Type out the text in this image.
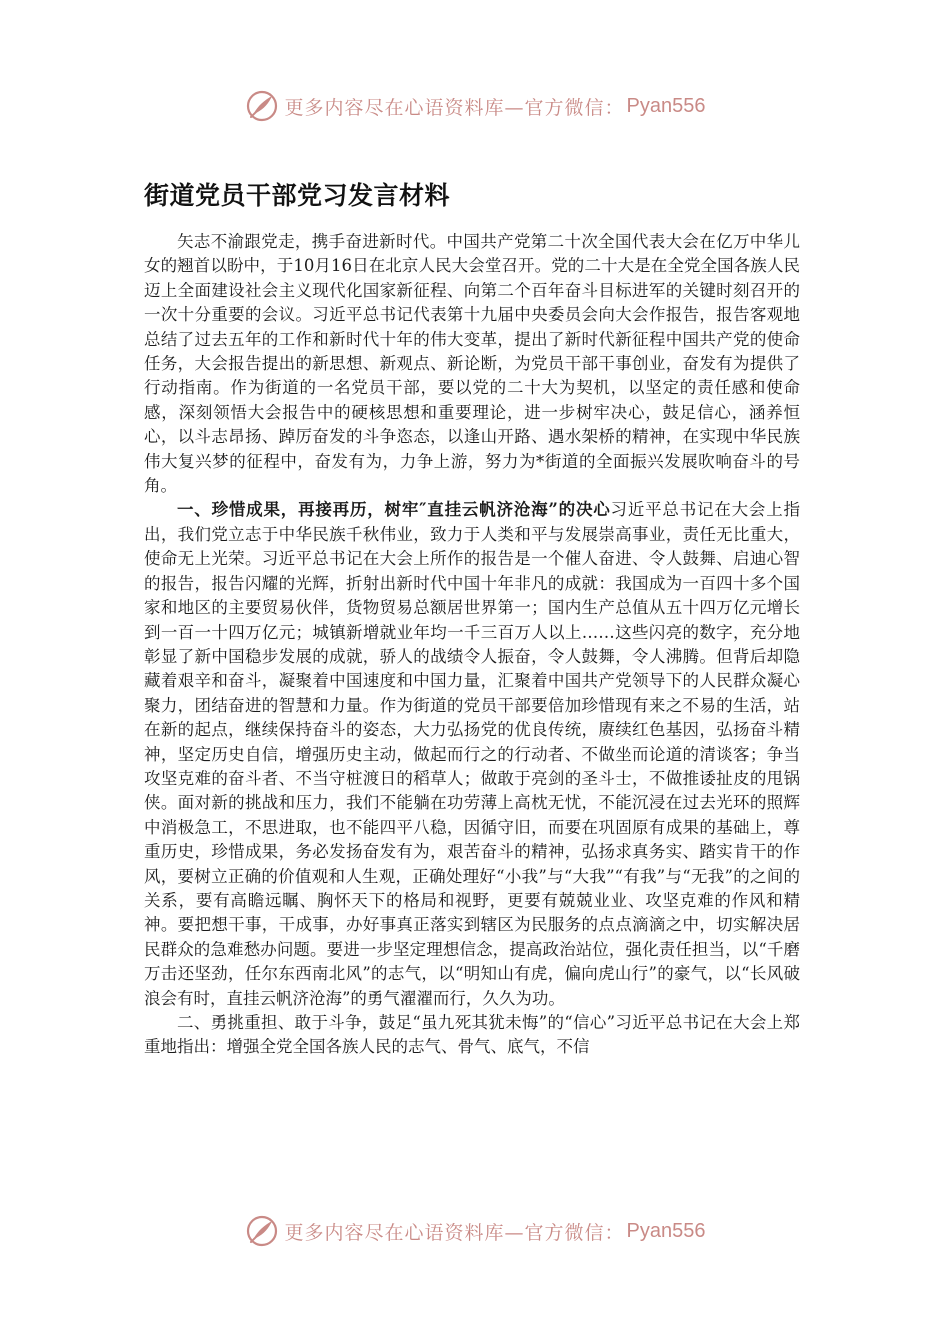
更多内容尽在心语资料库—官方微信： Pyan556
街道党员干部党习发言材料

矢志不渝跟党走，携手奋进新时代。中国共产党第二十次全国代表大会在亿万中华儿女的翘首以盼中，于10月16日在北京人民大会堂召开。党的二十大是在全党全国各族人民迈上全面建设社会主义现代化国家新征程、向第二个百年奋斗目标进军的关键时刻召开的一次十分重要的会议。习近平总书记代表第十九届中央委员会向大会作报告，报告客观地总结了过去五年的工作和新时代十年的伟大变革，提出了新时代新征程中国共产党的使命任务，大会报告提出的新思想、新观点、新论断，为党员干部干事创业，奋发有为提供了行动指南。作为街道的一名党员干部，要以党的二十大为契机，以坚定的责任感和使命感，深刻领悟大会报告中的硬核思想和重要理论，进一步树牢决心，鼓足信心，涵养恒心，以斗志昂扬、踔厉奋发的斗争恣态，以逢山开路、遇水架桥的精神，在实现中华民族伟大复兴梦的征程中，奋发有为，力争上游，努力为*街道的全面振兴发展吹响奋斗的号角。

一、珍惜成果，再接再历，树牢″直挂云帆济沧海”的决心习近平总书记在大会上指出，我们党立志于中华民族千秋伟业，致力于人类和平与发展崇高事业，责任无比重大，使命无上光荣。习近平总书记在大会上所作的报告是一个催人奋进、令人鼓舞、启迪心智的报告，报告闪耀的光辉，折射出新时代中国十年非凡的成就：我国成为一百四十多个国家和地区的主要贸易伙伴，货物贸易总额居世界第一；国内生产总值从五十四万亿元增长到一百一十四万亿元；城镇新增就业年均一千三百万人以上……这些闪亮的数字，充分地彰显了新中国稳步发展的成就，骄人的战绩令人振奋，令人鼓舞，令人沸腾。但背后却隐藏着艰辛和奋斗，凝聚着中国速度和中国力量，汇聚着中国共产党领导下的人民群众凝心聚力，团结奋进的智慧和力量。作为街道的党员干部要倍加珍惜现有来之不易的生活，站在新的起点，继续保持奋斗的姿态，大力弘扬党的优良传统，赓续红色基因，弘扬奋斗精神，坚定历史自信，增强历史主动，做起而行之的行动者、不做坐而论道的清谈客；争当攻坚克难的奋斗者、不当守桩渡日的稻草人；做敢于亮剑的圣斗士，不做推诿扯皮的甩锅侠。面对新的挑战和压力，我们不能躺在功劳薄上高枕无忧，不能沉浸在过去光环的照辉中消极急工，不思进取，也不能四平八稳，因循守旧，而要在巩固原有成果的基础上，尊重历史，珍惜成果，务必发扬奋发有为，艰苦奋斗的精神，弘扬求真务实、踏实肯干的作风，要树立正确的价值观和人生观，正确处理好“小我”与“大我”“有我”与“无我”的之间的关系，要有高瞻远瞩、胸怀天下的格局和视野，更要有兢兢业业、攻坚克难的作风和精神。要把想干事，干成事，办好事真正落实到辖区为民服务的点点滴滴之中，切实解决居民群众的急难愁办问题。要进一步坚定理想信念，提高政治站位，强化责任担当，以“千磨万击还坚劲，任尔东西南北风”的志气，以“明知山有虎，偏向虎山行”的豪气，以“长风破浪会有时，直挂云帆济沧海”的勇气濯濯而行，久久为功。

二、勇挑重担、敢于斗争，鼓足“虽九死其犹未悔”的“信心”习近平总书记在大会上郑重地指出：增强全党全国各族人民的志气、骨气、底气，不信

更多内容尽在心语资料库—官方微信： Pyan556
